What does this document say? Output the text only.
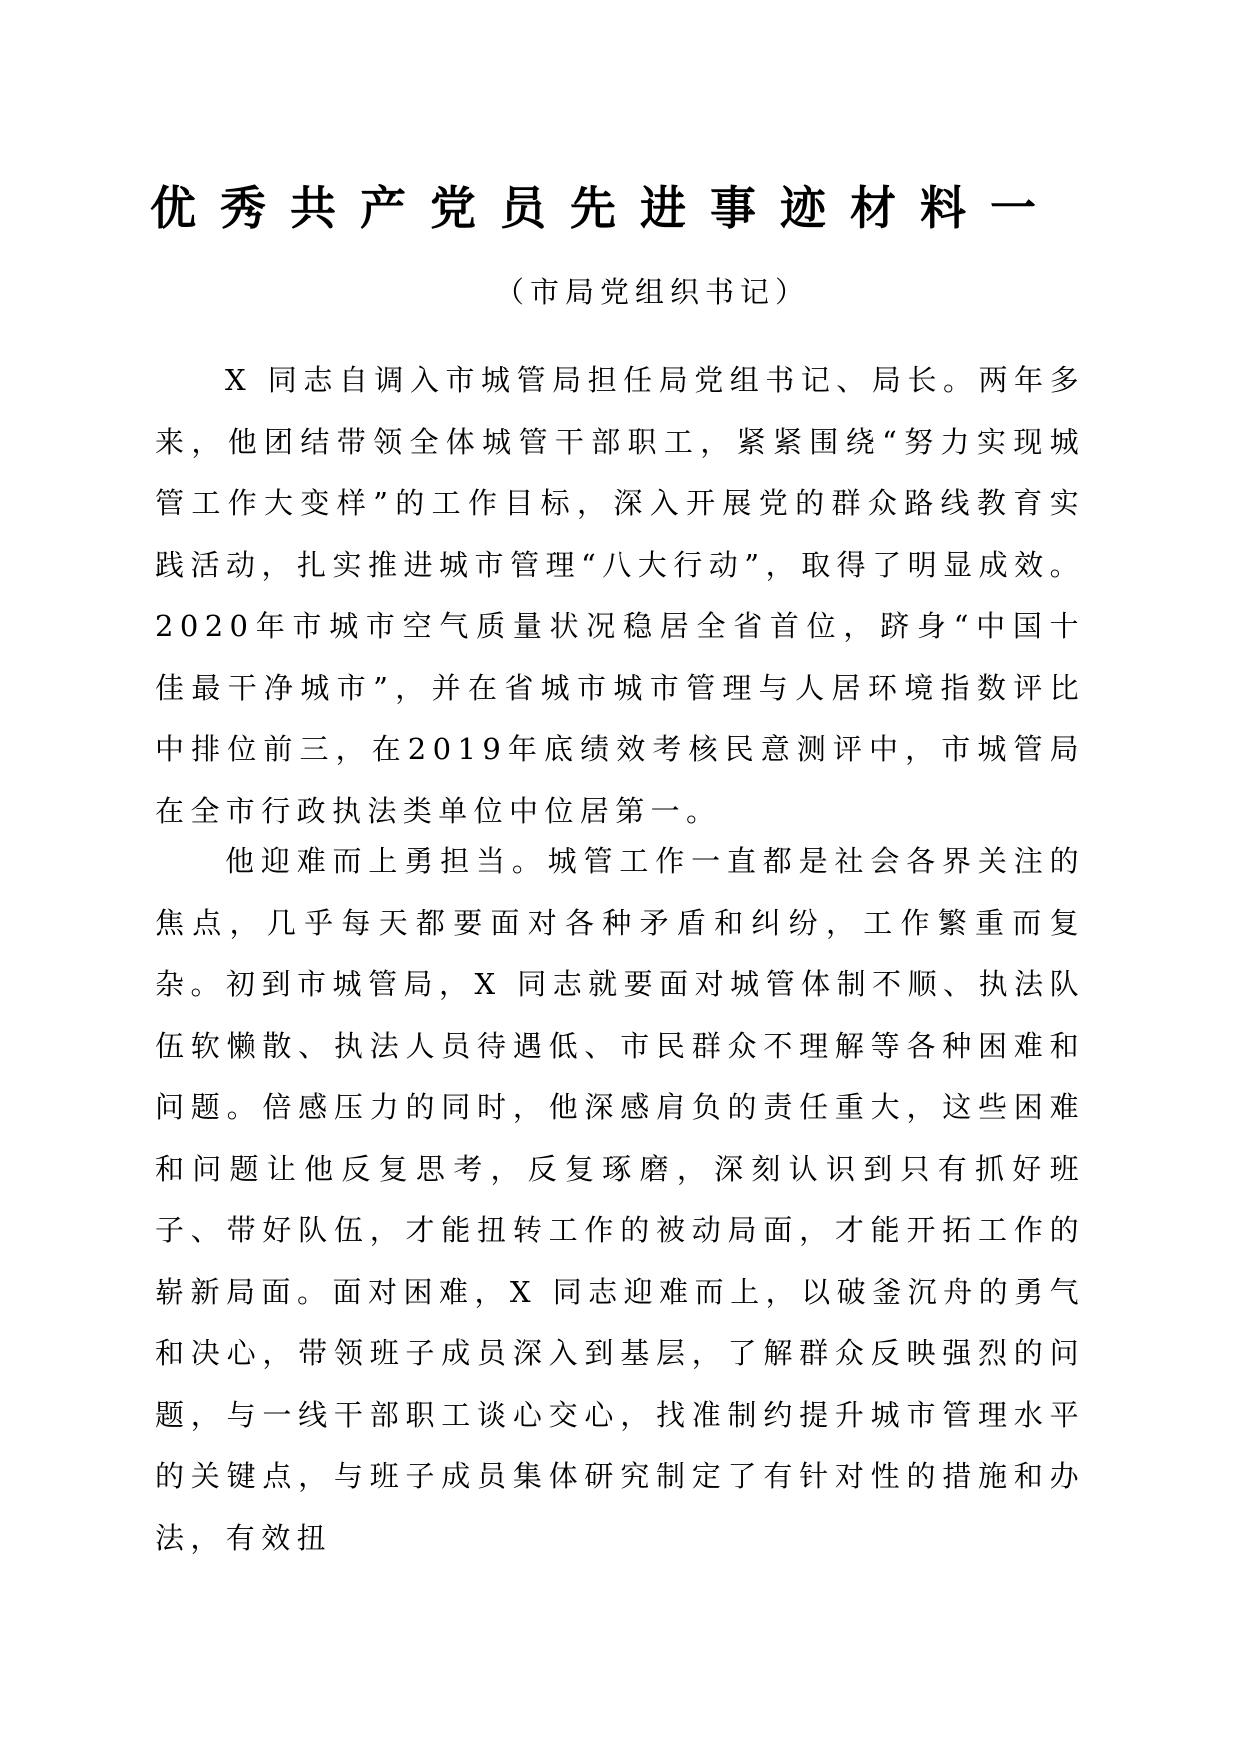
优秀共产党员先进事迹材料一

（市局党组织书记）

X 同志自调入市城管局担任局党组书记、局长。两年多来，他团结带领全体城管干部职工，紧紧围绕“努力实现城管工作大变样”的工作目标，深入开展党的群众路线教育实践活动，扎实推进城市管理“八大行动”，取得了明显成效。2020年市城市空气质量状况稳居全省首位，跻身“中国十佳最干净城市”，并在省城市城市管理与人居环境指数评比中排位前三，在2019年底绩效考核民意测评中，市城管局在全市行政执法类单位中位居第一。

他迎难而上勇担当。城管工作一直都是社会各界关注的焦点，几乎每天都要面对各种矛盾和纠纷，工作繁重而复杂。初到市城管局，X 同志就要面对城管体制不顺、执法队伍软懒散、执法人员待遇低、市民群众不理解等各种困难和问题。倍感压力的同时，他深感肩负的责任重大，这些困难和问题让他反复思考，反复琢磨，深刻认识到只有抓好班子、带好队伍，才能扭转工作的被动局面，才能开拓工作的崭新局面。面对困难，X 同志迎难而上，以破釜沉舟的勇气和决心，带领班子成员深入到基层，了解群众反映强烈的问题，与一线干部职工谈心交心，找准制约提升城市管理水平的关键点，与班子成员集体研究制定了有针对性的措施和办法，有效扭
